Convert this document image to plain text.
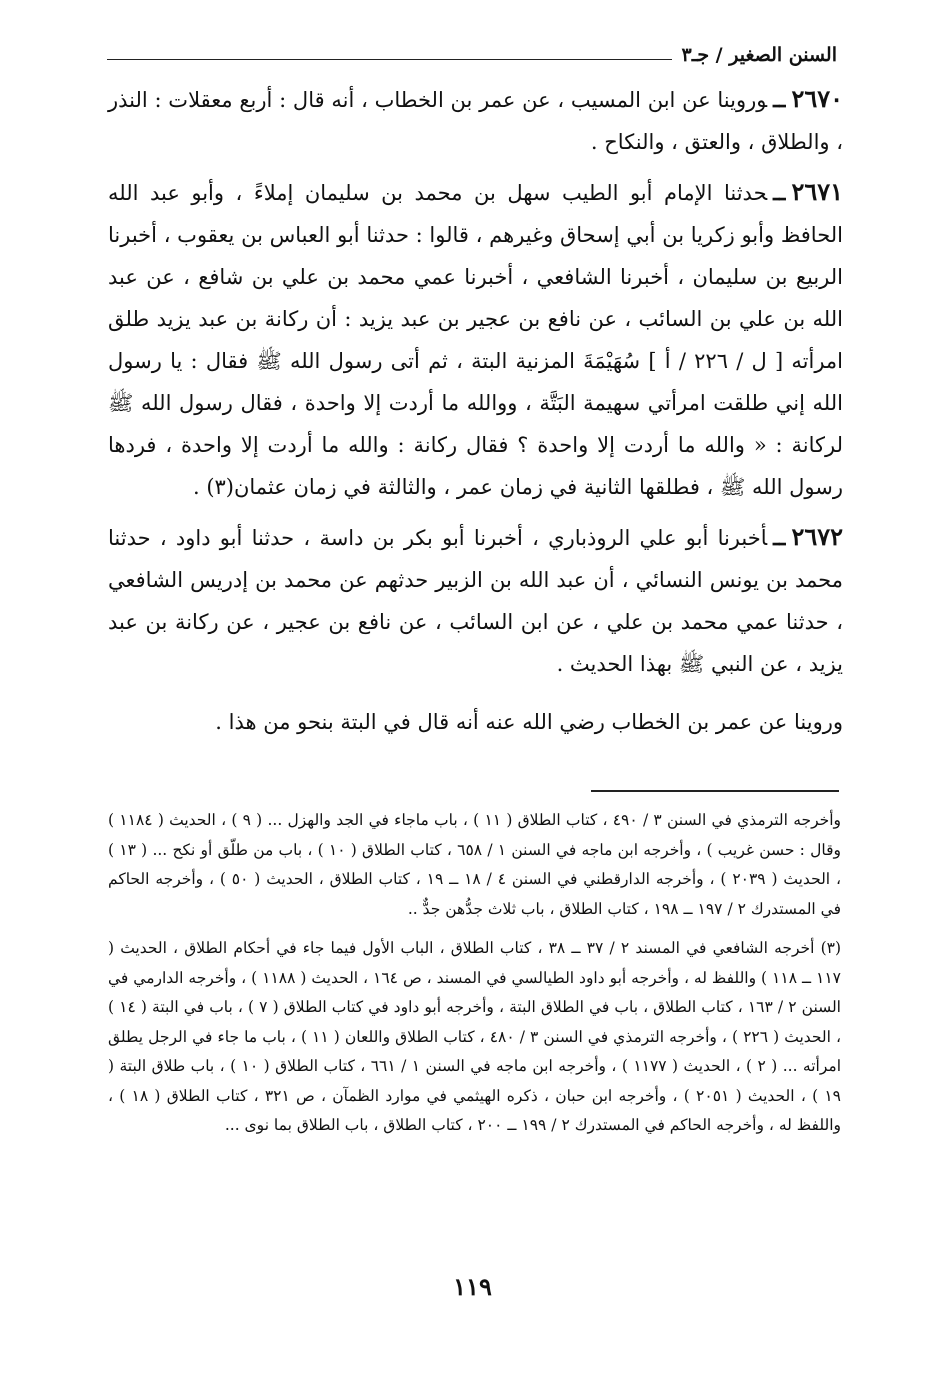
السنن الصغير / جـ٣

٢٦٧٠ــوروينا عن ابن المسيب ، عن عمر بن الخطاب ، أنه قال : أربع معقلات : النذر ، والطلاق ، والعتق ، والنكاح .

٢٦٧١ــحدثنا الإمام أبو الطيب سهل بن محمد بن سليمان إملاءً ، وأبو عبد الله الحافظ وأبو زكريا بن أبي إسحاق وغيرهم ، قالوا : حدثنا أبو العباس بن يعقوب ، أخبرنا الربيع بن سليمان ، أخبرنا الشافعي ، أخبرنا عمي محمد بن علي بن شافع ، عن عبد الله بن علي بن السائب ، عن نافع بن عجير بن عبد يزيد : أن ركانة بن عبد يزيد طلق امرأته [ ل / ٢٢٦ / أ ] سُهَيْمَةَ المزنية البتة ، ثم أتى رسول الله ﷺ فقال : يا رسول الله إني طلقت امرأتي سهيمة البَتَّة ، ووالله ما أردت إلا واحدة ، فقال رسول الله ﷺ لركانة : « والله ما أردت إلا واحدة ؟ فقال ركانة : والله ما أردت إلا واحدة ، فردها رسول الله ﷺ ، فطلقها الثانية في زمان عمر ، والثالثة في زمان عثمان(٣) .

٢٦٧٢ــأخبرنا أبو علي الروذباري ، أخبرنا أبو بكر بن داسة ، حدثنا أبو داود ، حدثنا محمد بن يونس النسائي ، أن عبد الله بن الزبير حدثهم عن محمد بن إدريس الشافعي ، حدثنا عمي محمد بن علي ، عن ابن السائب ، عن نافع بن عجير ، عن ركانة بن عبد يزيد ، عن النبي ﷺ بهذا الحديث .

وروينا عن عمر بن الخطاب رضي الله عنه أنه قال في البتة بنحو من هذا .

وأخرجه الترمذي في السنن ٣ / ٤٩٠ ، كتاب الطلاق ( ١١ ) ، باب ماجاء في الجد والهزل ... ( ٩ ) ، الحديث ( ١١٨٤ ) وقال : حسن غريب ) ، وأخرجه ابن ماجه في السنن ١ / ٦٥٨ ، كتاب الطلاق ( ١٠ ) ، باب من طلّق أو نكح ... ( ١٣ ) ، الحديث ( ٢٠٣٩ ) ، وأخرجه الدارقطني في السنن ٤ / ١٨ ــ ١٩ ، كتاب الطلاق ، الحديث ( ٥٠ ) ، وأخرجه الحاكم في المستدرك ٢ / ١٩٧ ــ ١٩٨ ، كتاب الطلاق ، باب ثلاث جدُّهن جدٌّ ..

(٣) أخرجه الشافعي في المسند ٢ / ٣٧ ــ ٣٨ ، كتاب الطلاق ، الباب الأول فيما جاء في أحكام الطلاق ، الحديث ( ١١٧ ــ ١١٨ ) واللفظ له ، وأخرجه أبو داود الطيالسي في المسند ، ص ١٦٤ ، الحديث ( ١١٨٨ ) ، وأخرجه الدارمي في السنن ٢ / ١٦٣ ، كتاب الطلاق ، باب في الطلاق البتة ، وأخرجه أبو داود في كتاب الطلاق ( ٧ ) ، باب في البتة ( ١٤ ) ، الحديث ( ٢٢٦ ) ، وأخرجه الترمذي في السنن ٣ / ٤٨٠ ، كتاب الطلاق واللعان ( ١١ ) ، باب ما جاء في الرجل يطلق امرأته ... ( ٢ ) ، الحديث ( ١١٧٧ ) ، وأخرجه ابن ماجه في السنن ١ / ٦٦١ ، كتاب الطلاق ( ١٠ ) ، باب طلاق البتة ( ١٩ ) ، الحديث ( ٢٠٥١ ) ، وأخرجه ابن حبان ، ذكره الهيثمي في موارد الظمآن ، ص ٣٢١ ، كتاب الطلاق ( ١٨ ) ، واللفظ له ، وأخرجه الحاكم في المستدرك ٢ / ١٩٩ ــ ٢٠٠ ، كتاب الطلاق ، باب الطلاق بما نوى ...

١١٩
